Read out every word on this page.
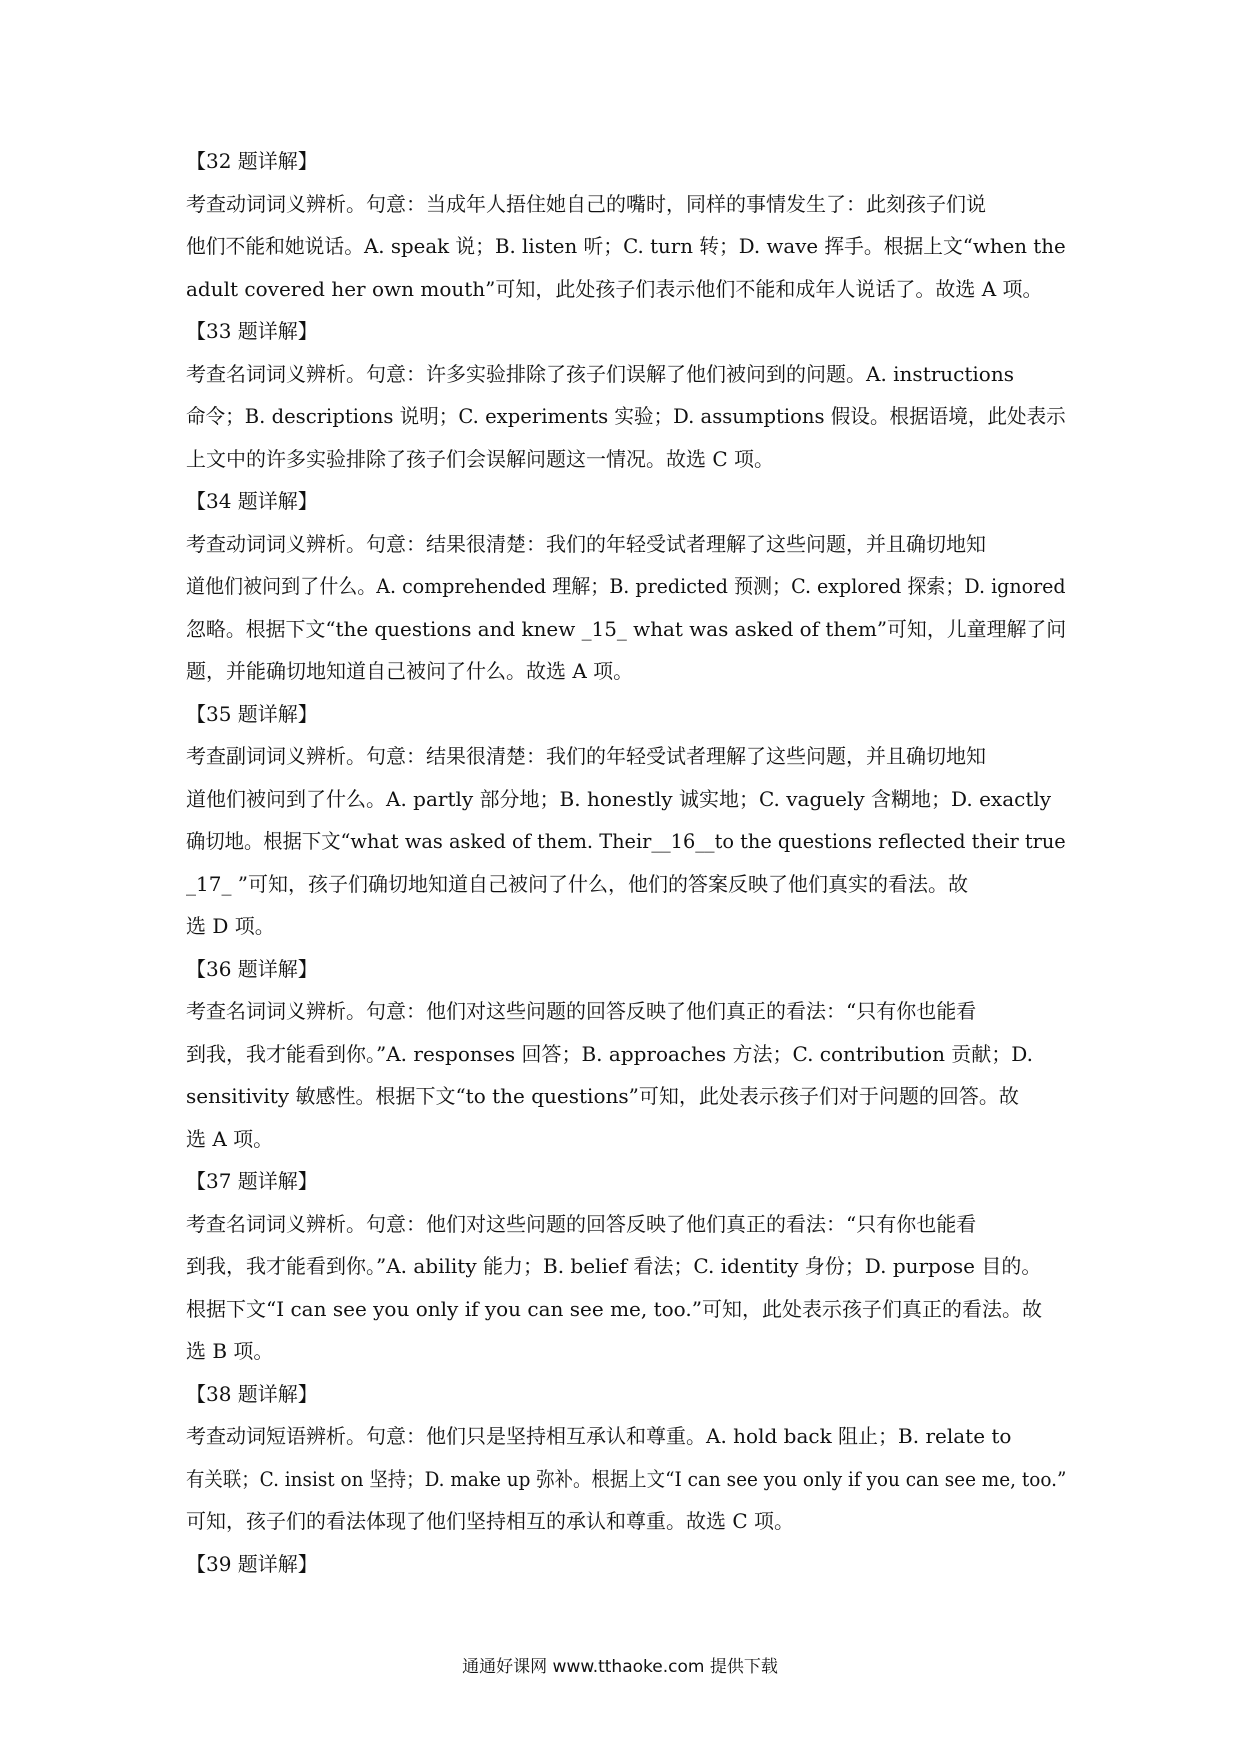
【32 题详解】
考查动词词义辨析。句意：当成年人捂住她自己的嘴时，同样的事情发生了：此刻孩子们说
他们不能和她说话。A. speak 说；B. listen 听；C. turn 转；D. wave 挥手。根据上文“when the
adult covered her own mouth”可知，此处孩子们表示他们不能和成年人说话了。故选 A 项。
【33 题详解】
考查名词词义辨析。句意：许多实验排除了孩子们误解了他们被问到的问题。A. instructions
命令；B. descriptions 说明；C. experiments 实验；D. assumptions 假设。根据语境，此处表示
上文中的许多实验排除了孩子们会误解问题这一情况。故选 C 项。
【34 题详解】
考查动词词义辨析。句意：结果很清楚：我们的年轻受试者理解了这些问题，并且确切地知
道他们被问到了什么。A. comprehended 理解；B. predicted 预测；C. explored 探索；D. ignored
忽略。根据下文“the questions and knew _15_ what was asked of them”可知，儿童理解了问
题，并能确切地知道自己被问了什么。故选 A 项。
【35 题详解】
考查副词词义辨析。句意：结果很清楚：我们的年轻受试者理解了这些问题，并且确切地知
道他们被问到了什么。A. partly 部分地；B. honestly 诚实地；C. vaguely 含糊地；D. exactly
确切地。根据下文“what was asked of them. Their__16__to the questions reflected their true
_17_ ”可知，孩子们确切地知道自己被问了什么，他们的答案反映了他们真实的看法。故
选 D 项。
【36 题详解】
考查名词词义辨析。句意：他们对这些问题的回答反映了他们真正的看法：“只有你也能看
到我，我才能看到你。”A. responses 回答；B. approaches 方法；C. contribution 贡献；D.
sensitivity 敏感性。根据下文“to the questions”可知，此处表示孩子们对于问题的回答。故
选 A 项。
【37 题详解】
考查名词词义辨析。句意：他们对这些问题的回答反映了他们真正的看法：“只有你也能看
到我，我才能看到你。”A. ability 能力；B. belief 看法；C. identity 身份；D. purpose 目的。
根据下文“I can see you only if you can see me, too.”可知，此处表示孩子们真正的看法。故
选 B 项。
【38 题详解】
考查动词短语辨析。句意：他们只是坚持相互承认和尊重。A. hold back 阻止；B. relate to
有关联；C. insist on 坚持；D. make up 弥补。根据上文“I can see you only if you can see me, too.”
可知，孩子们的看法体现了他们坚持相互的承认和尊重。故选 C 项。
【39 题详解】
通通好课网 www.tthaoke.com 提供下载
